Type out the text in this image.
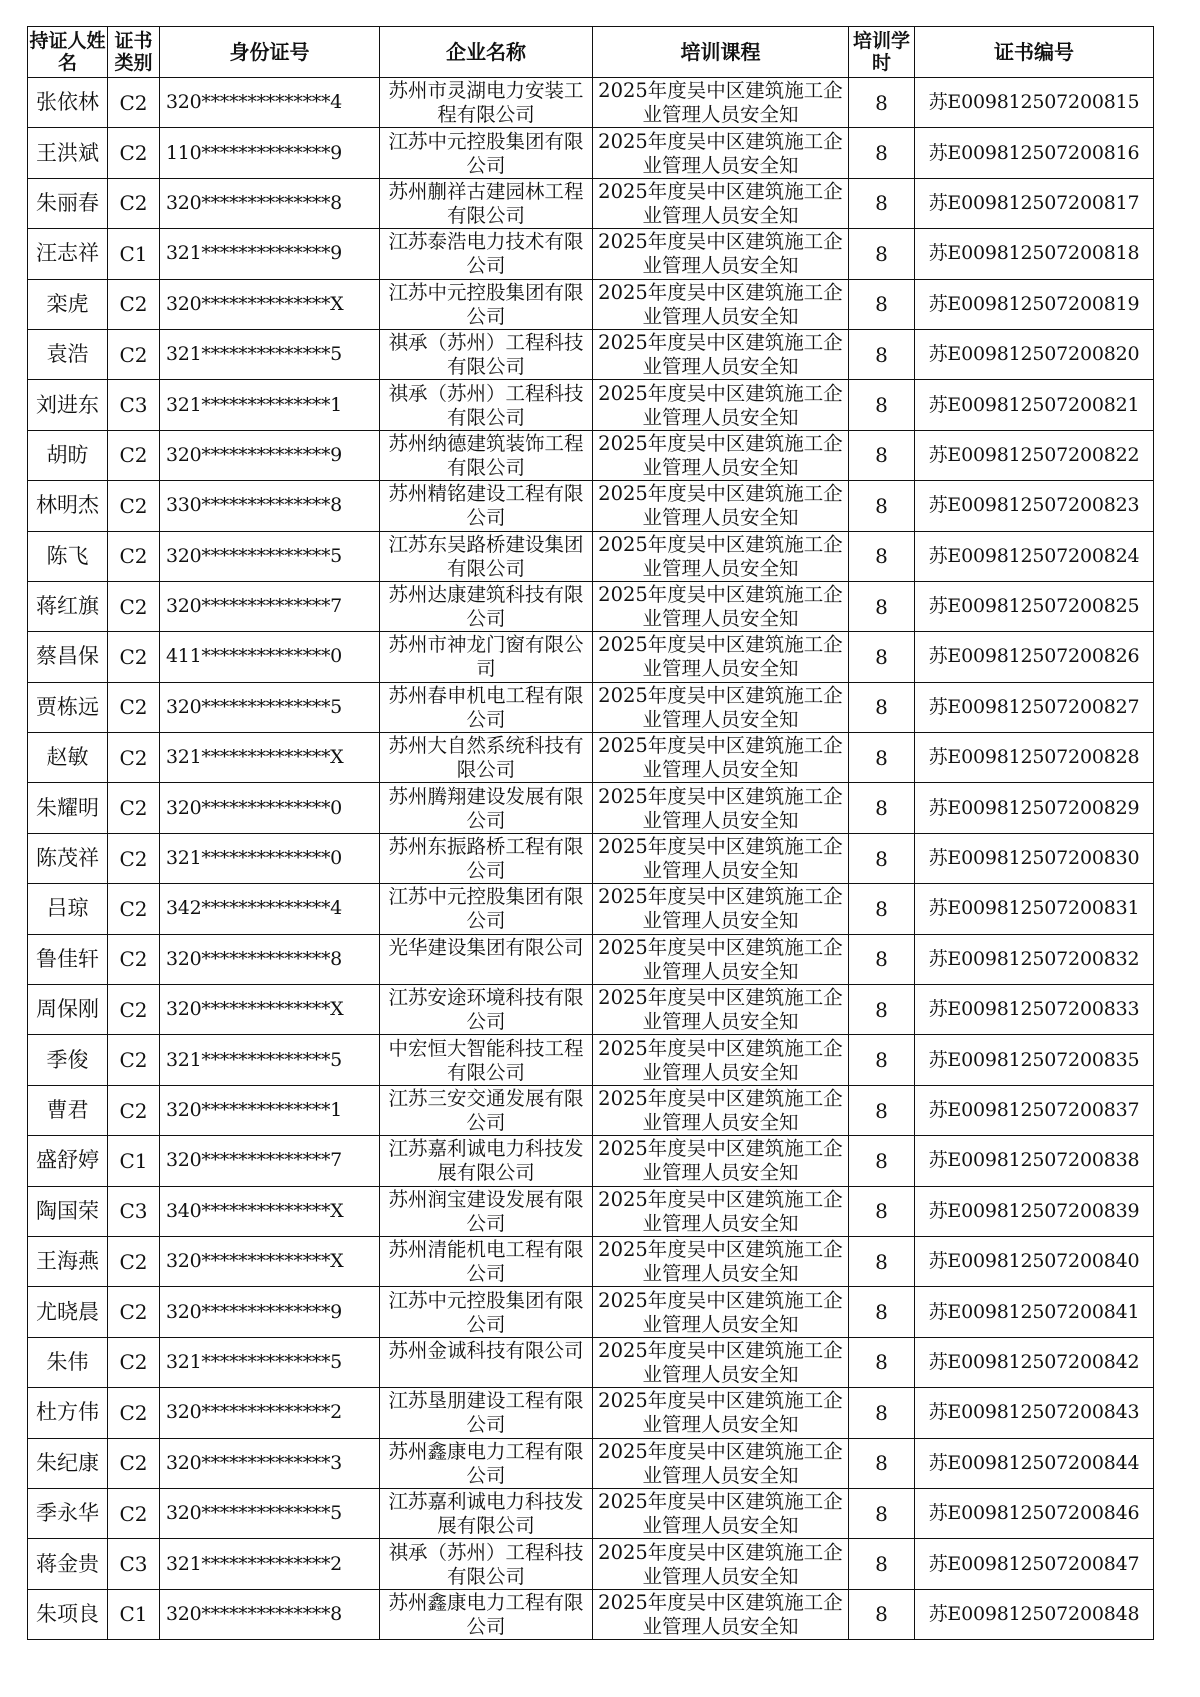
持证人姓名	证书类别	身份证号	企业名称	培训课程	培训学时	证书编号
张依林	C2	320**************4	苏州市灵湖电力安装工程有限公司	2025年度吴中区建筑施工企业管理人员安全知	8	苏E009812507200815
王洪斌	C2	110**************9	江苏中元控股集团有限公司	2025年度吴中区建筑施工企业管理人员安全知	8	苏E009812507200816
朱丽春	C2	320**************8	苏州蒯祥古建园林工程有限公司	2025年度吴中区建筑施工企业管理人员安全知	8	苏E009812507200817
汪志祥	C1	321**************9	江苏泰浩电力技术有限公司	2025年度吴中区建筑施工企业管理人员安全知	8	苏E009812507200818
栾虎	C2	320**************X	江苏中元控股集团有限公司	2025年度吴中区建筑施工企业管理人员安全知	8	苏E009812507200819
袁浩	C2	321**************5	祺承（苏州）工程科技有限公司	2025年度吴中区建筑施工企业管理人员安全知	8	苏E009812507200820
刘进东	C3	321**************1	祺承（苏州）工程科技有限公司	2025年度吴中区建筑施工企业管理人员安全知	8	苏E009812507200821
胡昉	C2	320**************9	苏州纳德建筑装饰工程有限公司	2025年度吴中区建筑施工企业管理人员安全知	8	苏E009812507200822
林明杰	C2	330**************8	苏州精铭建设工程有限公司	2025年度吴中区建筑施工企业管理人员安全知	8	苏E009812507200823
陈飞	C2	320**************5	江苏东吴路桥建设集团有限公司	2025年度吴中区建筑施工企业管理人员安全知	8	苏E009812507200824
蒋红旗	C2	320**************7	苏州达康建筑科技有限公司	2025年度吴中区建筑施工企业管理人员安全知	8	苏E009812507200825
蔡昌保	C2	411**************0	苏州市神龙门窗有限公司	2025年度吴中区建筑施工企业管理人员安全知	8	苏E009812507200826
贾栋远	C2	320**************5	苏州春申机电工程有限公司	2025年度吴中区建筑施工企业管理人员安全知	8	苏E009812507200827
赵敏	C2	321**************X	苏州大自然系统科技有限公司	2025年度吴中区建筑施工企业管理人员安全知	8	苏E009812507200828
朱耀明	C2	320**************0	苏州腾翔建设发展有限公司	2025年度吴中区建筑施工企业管理人员安全知	8	苏E009812507200829
陈茂祥	C2	321**************0	苏州东振路桥工程有限公司	2025年度吴中区建筑施工企业管理人员安全知	8	苏E009812507200830
吕琼	C2	342**************4	江苏中元控股集团有限公司	2025年度吴中区建筑施工企业管理人员安全知	8	苏E009812507200831
鲁佳轩	C2	320**************8	光华建设集团有限公司	2025年度吴中区建筑施工企业管理人员安全知	8	苏E009812507200832
周保刚	C2	320**************X	江苏安途环境科技有限公司	2025年度吴中区建筑施工企业管理人员安全知	8	苏E009812507200833
季俊	C2	321**************5	中宏恒大智能科技工程有限公司	2025年度吴中区建筑施工企业管理人员安全知	8	苏E009812507200835
曹君	C2	320**************1	江苏三安交通发展有限公司	2025年度吴中区建筑施工企业管理人员安全知	8	苏E009812507200837
盛舒婷	C1	320**************7	江苏嘉利诚电力科技发展有限公司	2025年度吴中区建筑施工企业管理人员安全知	8	苏E009812507200838
陶国荣	C3	340**************X	苏州润宝建设发展有限公司	2025年度吴中区建筑施工企业管理人员安全知	8	苏E009812507200839
王海燕	C2	320**************X	苏州清能机电工程有限公司	2025年度吴中区建筑施工企业管理人员安全知	8	苏E009812507200840
尤晓晨	C2	320**************9	江苏中元控股集团有限公司	2025年度吴中区建筑施工企业管理人员安全知	8	苏E009812507200841
朱伟	C2	321**************5	苏州金诚科技有限公司	2025年度吴中区建筑施工企业管理人员安全知	8	苏E009812507200842
杜方伟	C2	320**************2	江苏垦朋建设工程有限公司	2025年度吴中区建筑施工企业管理人员安全知	8	苏E009812507200843
朱纪康	C2	320**************3	苏州鑫康电力工程有限公司	2025年度吴中区建筑施工企业管理人员安全知	8	苏E009812507200844
季永华	C2	320**************5	江苏嘉利诚电力科技发展有限公司	2025年度吴中区建筑施工企业管理人员安全知	8	苏E009812507200846
蒋金贵	C3	321**************2	祺承（苏州）工程科技有限公司	2025年度吴中区建筑施工企业管理人员安全知	8	苏E009812507200847
朱项良	C1	320**************8	苏州鑫康电力工程有限公司	2025年度吴中区建筑施工企业管理人员安全知	8	苏E009812507200848
